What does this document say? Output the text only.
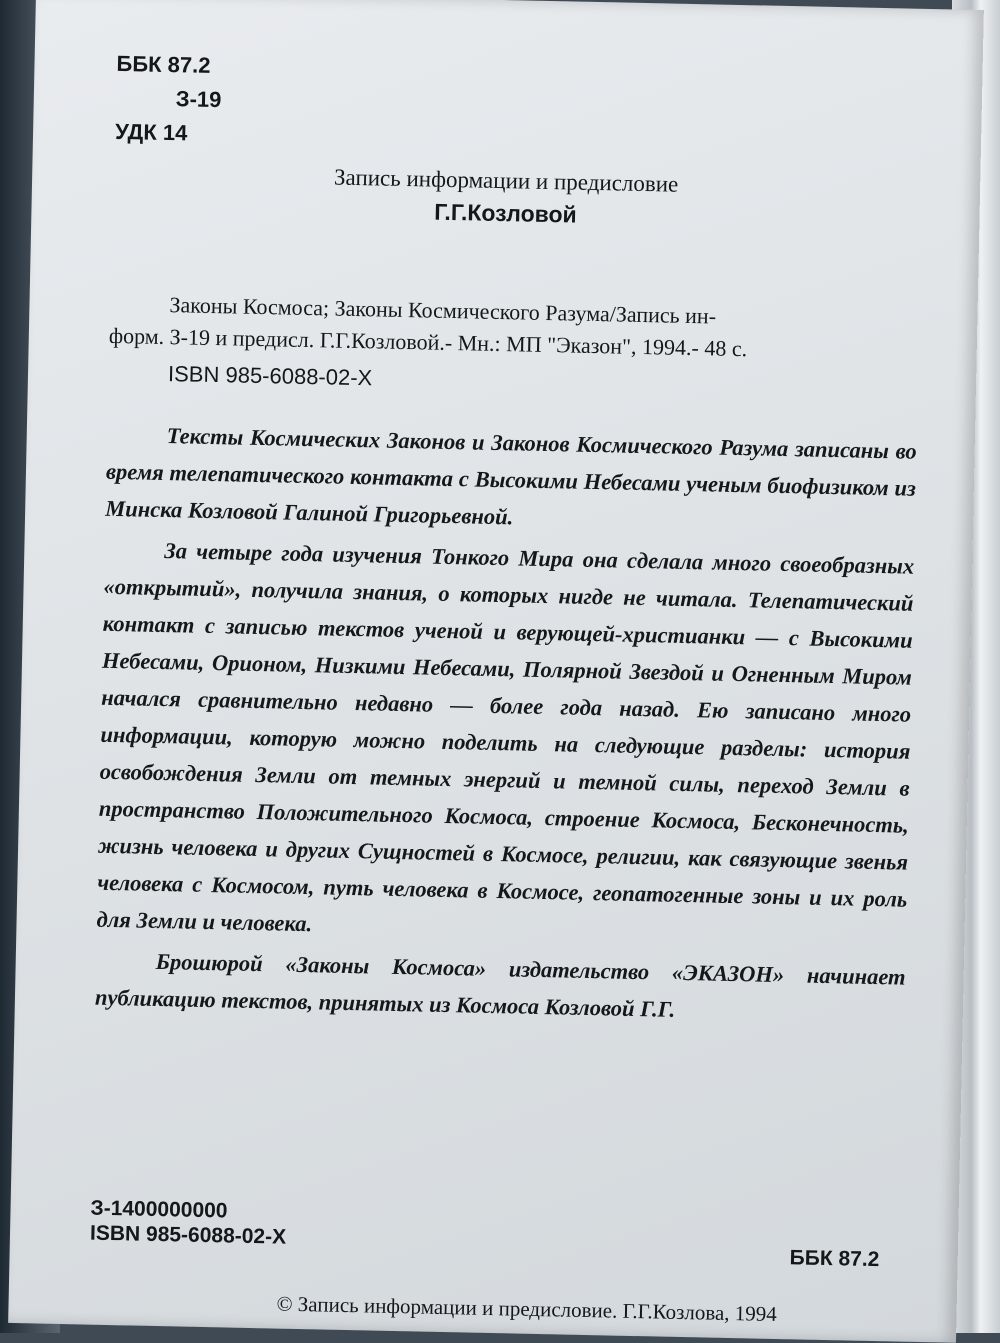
ББК 87.2
З-19
УДК 14
Запись информации и предисловие
Г.Г.Козловой
Законы Космоса; Законы Космического Разума/Запись ин-
форм. З-19 и предисл. Г.Г.Козловой.- Мн.: МП "Эказон", 1994.- 48 с.
ISBN 985-6088-02-X

Тексты Космических Законов и Законов Космического Разума записаны во время телепатического контакта с Высокими Небесами ученым биофизиком из Минска Козловой Галиной Григорьевной.

За четыре года изучения Тонкого Мира она сделала много своеобразных «открытий», получила знания, о которых нигде не читала. Телепатический контакт с записью текстов ученой и верующей-христианки — с Высокими Небесами, Орионом, Низкими Небесами, Полярной Звездой и Огненным Миром начался сравнительно недавно — более года назад. Ею записано много информации, которую можно поделить на следующие разделы: история освобождения Земли от темных энергий и темной силы, переход Земли в пространство Положительного Космоса, строение Космоса, Бесконечность, жизнь человека и других Сущностей в Космосе, религии, как связующие звенья человека с Космосом, путь человека в Космосе, геопатогенные зоны и их роль для Земли и человека.

Брошюрой «Законы Космоса» издательство «ЭКАЗОН» начинает публикацию текстов, принятых из Космоса Козловой Г.Г.

З-1400000000
ISBN 985-6088-02-X
ББК 87.2
© Запись информации и предисловие. Г.Г.Козлова, 1994
